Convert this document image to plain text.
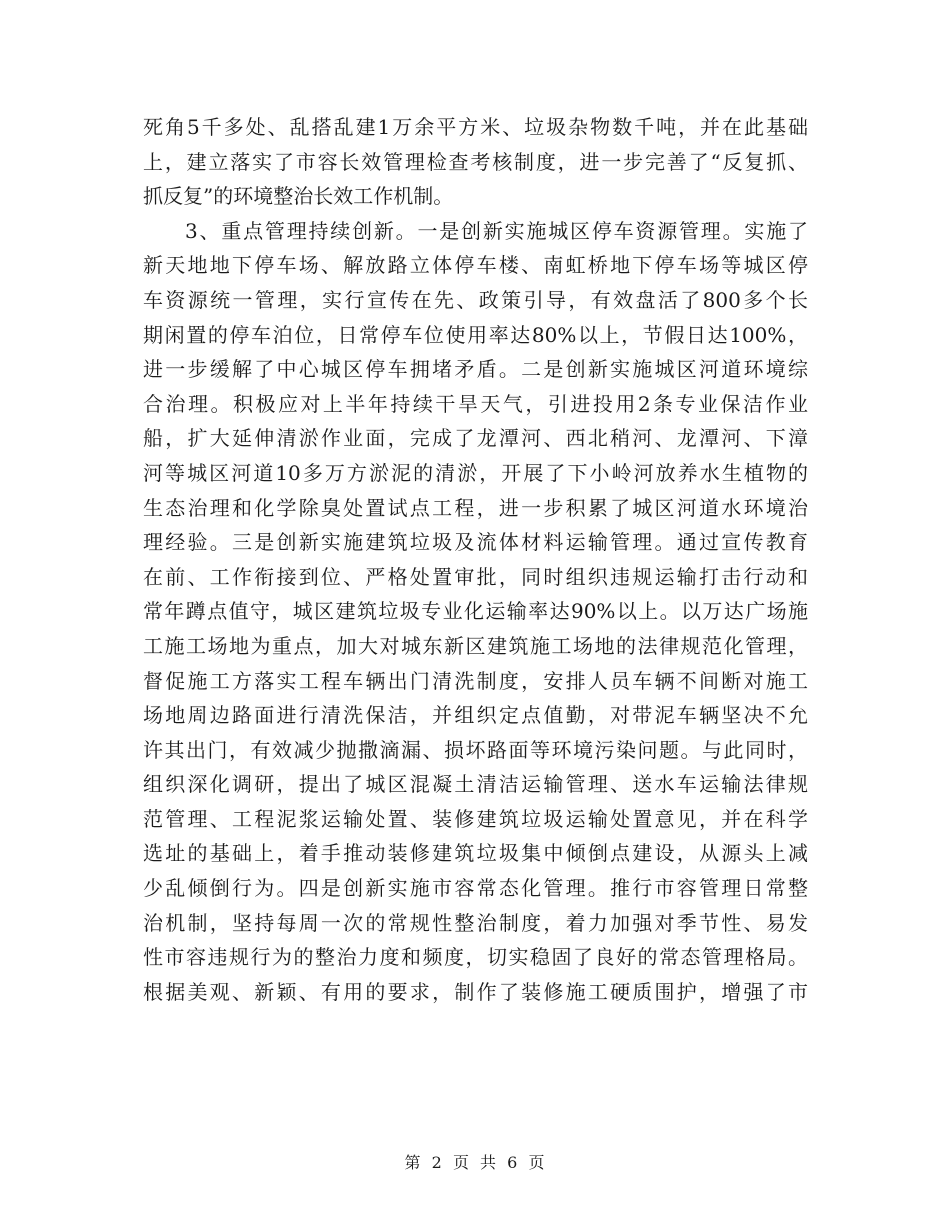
死角5千多处、乱搭乱建1万余平方米、垃圾杂物数千吨，并在此基础
上，建立落实了市容长效管理检查考核制度，进一步完善了“反复抓、
抓反复”的环境整治长效工作机制。
3、重点管理持续创新。一是创新实施城区停车资源管理。实施了
新天地地下停车场、解放路立体停车楼、南虹桥地下停车场等城区停
车资源统一管理，实行宣传在先、政策引导，有效盘活了800多个长
期闲置的停车泊位，日常停车位使用率达80%以上，节假日达100%，
进一步缓解了中心城区停车拥堵矛盾。二是创新实施城区河道环境综
合治理。积极应对上半年持续干旱天气，引进投用2条专业保洁作业
船，扩大延伸清淤作业面，完成了龙潭河、西北稍河、龙潭河、下漳
河等城区河道10多万方淤泥的清淤，开展了下小岭河放养水生植物的
生态治理和化学除臭处置试点工程，进一步积累了城区河道水环境治
理经验。三是创新实施建筑垃圾及流体材料运输管理。通过宣传教育
在前、工作衔接到位、严格处置审批，同时组织违规运输打击行动和
常年蹲点值守，城区建筑垃圾专业化运输率达90%以上。以万达广场施
工施工场地为重点，加大对城东新区建筑施工场地的法律规范化管理，
督促施工方落实工程车辆出门清洗制度，安排人员车辆不间断对施工
场地周边路面进行清洗保洁，并组织定点值勤，对带泥车辆坚决不允
许其出门，有效减少抛撒滴漏、损坏路面等环境污染问题。与此同时，
组织深化调研，提出了城区混凝土清洁运输管理、送水车运输法律规
范管理、工程泥浆运输处置、装修建筑垃圾运输处置意见，并在科学
选址的基础上，着手推动装修建筑垃圾集中倾倒点建设，从源头上减
少乱倾倒行为。四是创新实施市容常态化管理。推行市容管理日常整
治机制，坚持每周一次的常规性整治制度，着力加强对季节性、易发
性市容违规行为的整治力度和频度，切实稳固了良好的常态管理格局。
根据美观、新颖、有用的要求，制作了装修施工硬质围护，增强了市
第 2 页 共 6 页
